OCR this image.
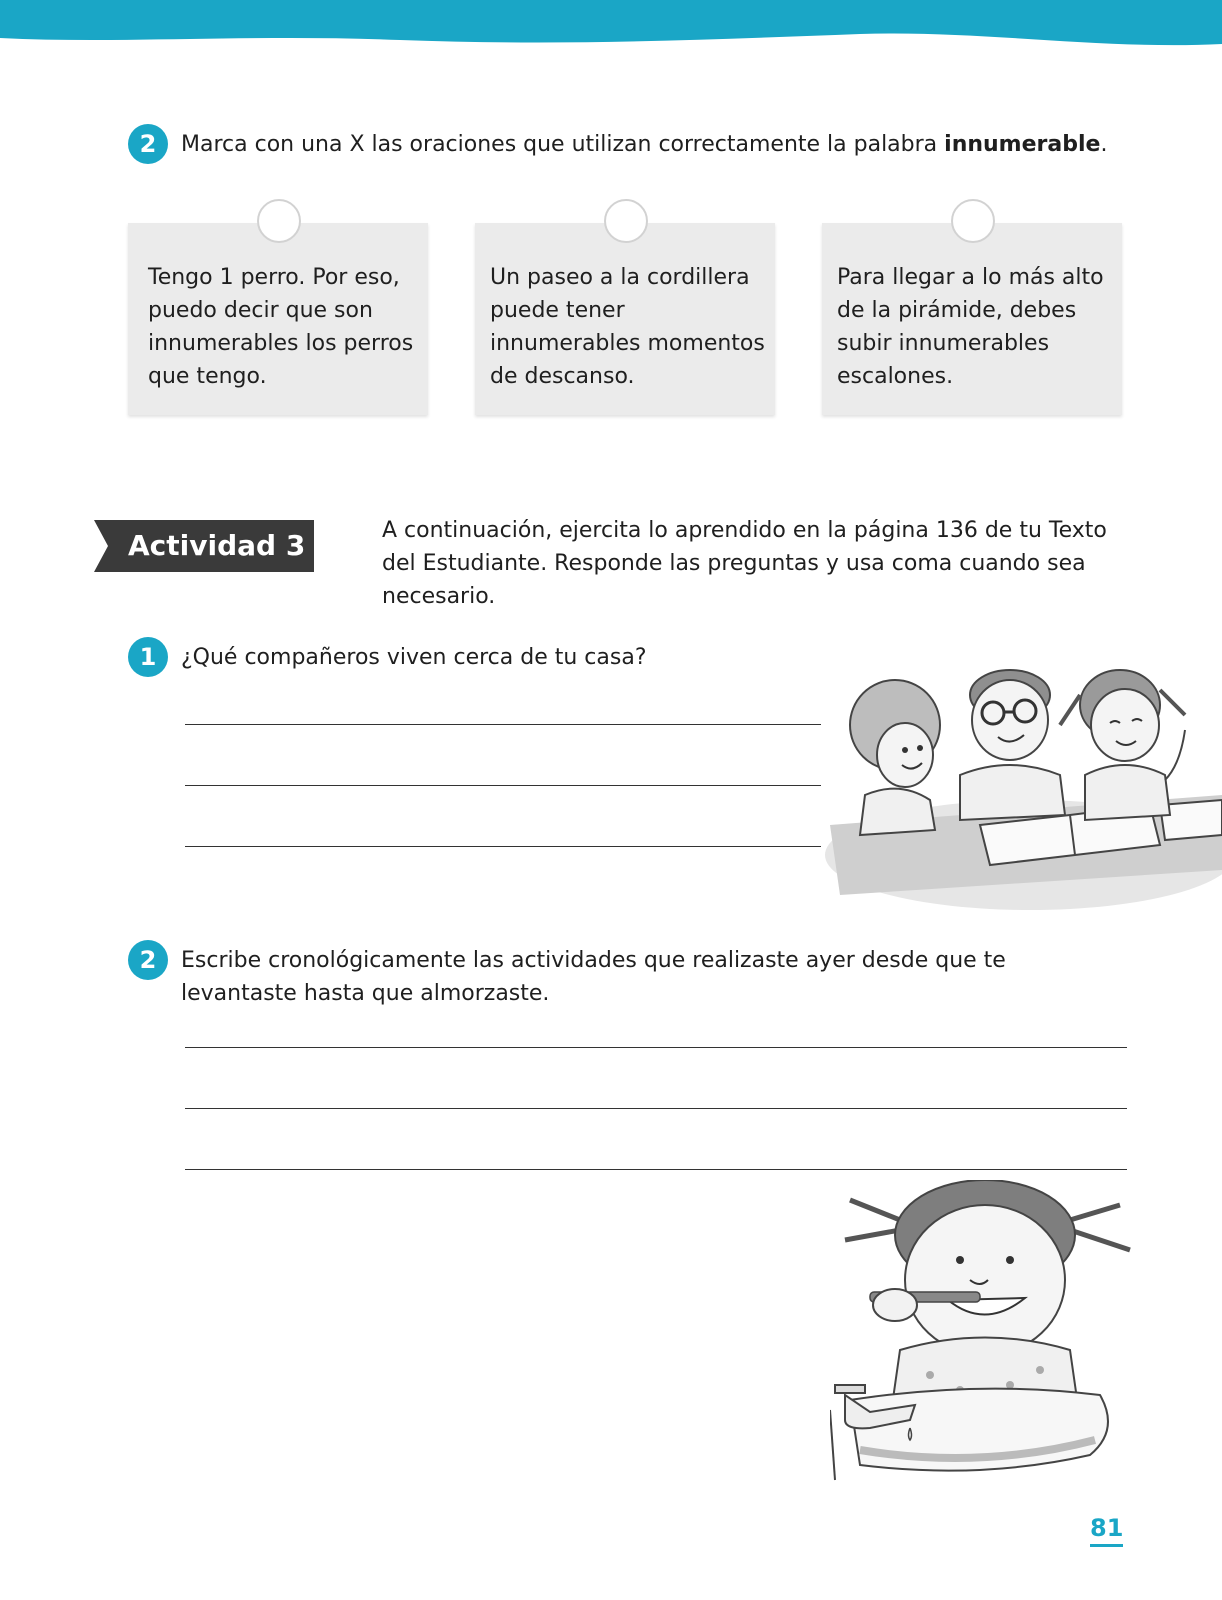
2	Marca con una X las oraciones que utilizan correctamente la palabra innumerable.
Tengo 1 perro. Por eso, puedo decir que son innumerables los perros que tengo.
Un paseo a la cordillera puede tener innumerables momentos de descanso.
Para llegar a lo más alto de la pirámide, debes subir innumerables escalones.
Actividad 3	A continuación, ejercita lo aprendido en la página 136 de tu Texto del Estudiante. Responde las preguntas y usa coma cuando sea necesario.
1	¿Qué compañeros viven cerca de tu casa?
2	Escribe cronológicamente las actividades que realizaste ayer desde que te levantaste hasta que almorzaste.
81
